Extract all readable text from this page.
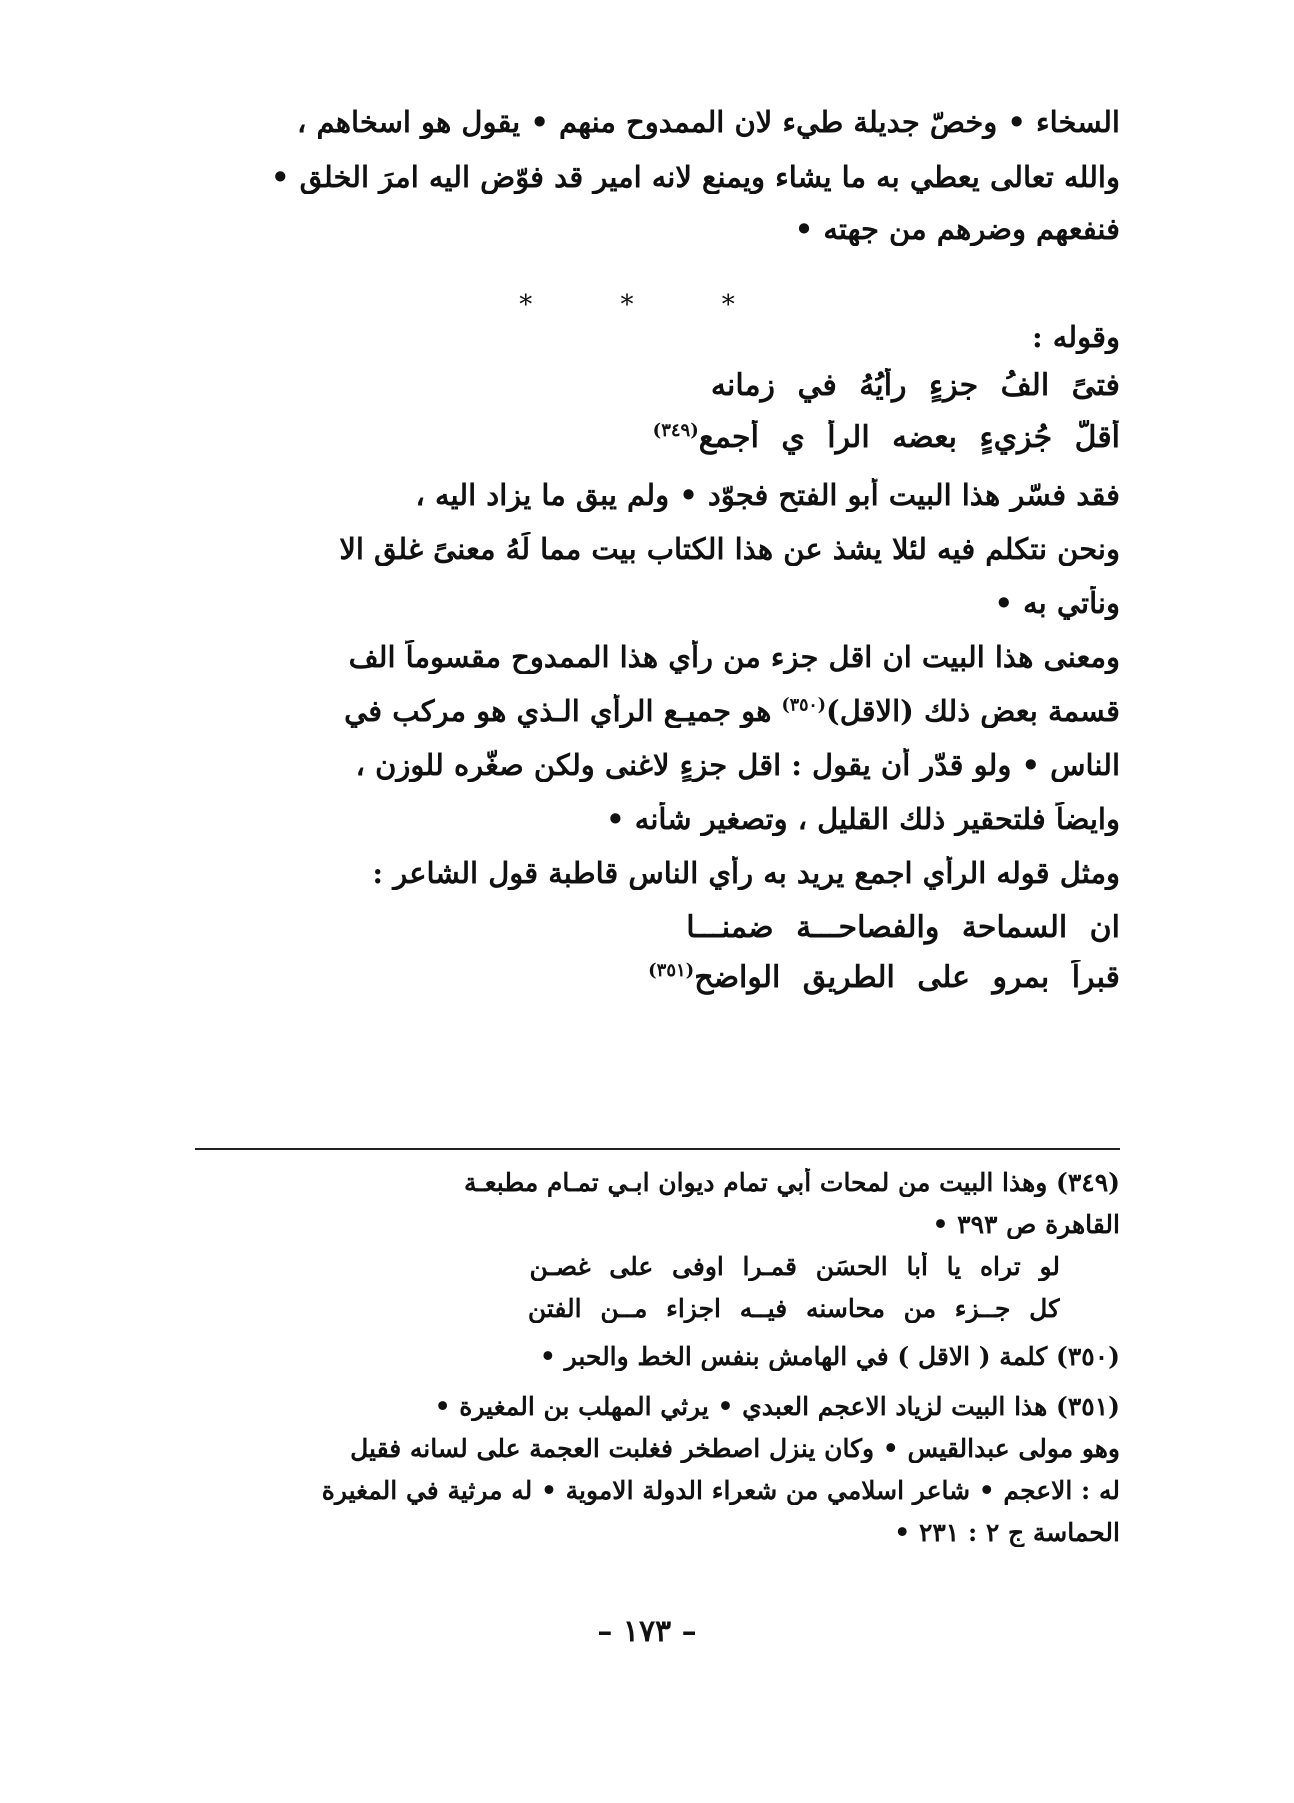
السخاء • وخصّ جديلة طيء لان الممدوح منهم • يقول هو اسخاهم ،
والله تعالى يعطي به ما يشاء ويمنع لانه امير قد فوّض اليه امرَ الخلق •
فنفعهم وضرهم من جهته •
* * *
وقوله :
فتىً الفُ جزءٍ رأيُهُ في زمانه
أقلّ جُزيءٍ بعضه الرأ ي أجمع$^{(٣٤٩)}$
فقد فسّر هذا البيت أبو الفتح فجوّد • ولم يبقِ ما يزاد اليه ،
ونحن نتكلم فيه لئلا يشذ عن هذا الكتاب بيت مما لَهُ معنىً غلق الا
ونأتي به •
ومعنى هذا البيت ان اقل جزء من رأي هذا الممدوح مقسوماً الف
قسمة بعض ذلك (الاقل)$^{(٣٥٠)}$ هو جميـع الرأي الـذي هو مركب في
الناس • ولو قدّر أن يقول : اقل جزءٍ لاغنى ولكن صغّره للوزن ،
وايضاً فلتحقير ذلك القليل ، وتصغير شأنه •
ومثل قوله الرأي اجمع يريد به رأي الناس قاطبة قول الشاعر :
ان السماحة والفصاحـــة ضمنـــا
قبراً بمرو على الطريق الواضح$^{(٣٥١)}$
(٣٤٩) وهذا البيت من لمحات أبي تمام ديوان ابـي تمـام مطبعـة
القاهرة ص ٣٩٣ •
لو تراه يا أبا الحسَن قمـرا اوفى على غصـن
كل جــزء من محاسنه فيــه اجزاء مــن الفتن
(٣٥٠) كلمة ( الاقل ) في الهامش بنفس الخط والحبر •
(٣٥١) هذا البيت لزياد الاعجم العبدي • يرثي المهلب بن المغيرة •
وهو مولى عبدالقيس • وكان ينزل اصطخر فغلبت العجمة على لسانه فقيل
له : الاعجم • شاعر اسلامي من شعراء الدولة الاموية • له مرثية في المغيرة
الحماسة ج ٢ : ٢٣١ •
– ١٧٣ –
